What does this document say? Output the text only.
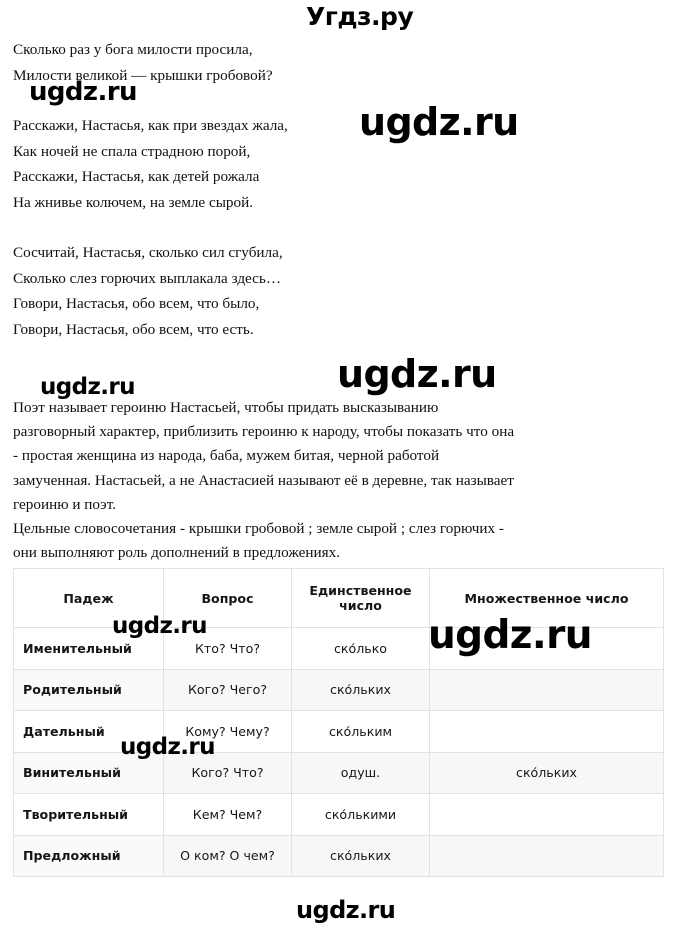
Угдз.ру
Сколько раз у бога милости просила,
Милости великой — крышки гробовой?
Расскажи, Настасья, как при звездах жала,
Как ночей не спала страдною порой,
Расскажи, Настасья, как детей рожала
На жнивье колючем, на земле сырой.
Сосчитай, Настасья, сколько сил сгубила,
Сколько слез горючих выплакала здесь…
Говори, Настасья, обо всем, что было,
Говори, Настасья, обо всем, что есть.
Поэт называет героиню Настасьей, чтобы придать высказыванию
разговорный характер, приблизить героиню к народу, чтобы показать что она
- простая женщина из народа, баба, мужем битая, черной работой
замученная. Настасьей, а не Анастасией называют её в деревне, так называет
героиню и поэт.
Цельные словосочетания - крышки гробовой ; земле сырой ; слез горючих -
они выполняют роль дополнений в предложениях.
Падеж	Вопрос	Единственное число	Множественное число
Именительный	Кто? Что?	ско́лько	
Родительный	Кого? Чего?	ско́льких	
Дательный	Кому? Чему?	ско́льким	
Винительный	Кого? Что?	одуш.	ско́льких
Творительный	Кем? Чем?	ско́лькими	
Предложный	О ком? О чем?	ско́льких	
ugdz.ru
ugdz.ru
ugdz.ru
ugdz.ru
ugdz.ru
ugdz.ru
ugdz.ru
ugdz.ru
